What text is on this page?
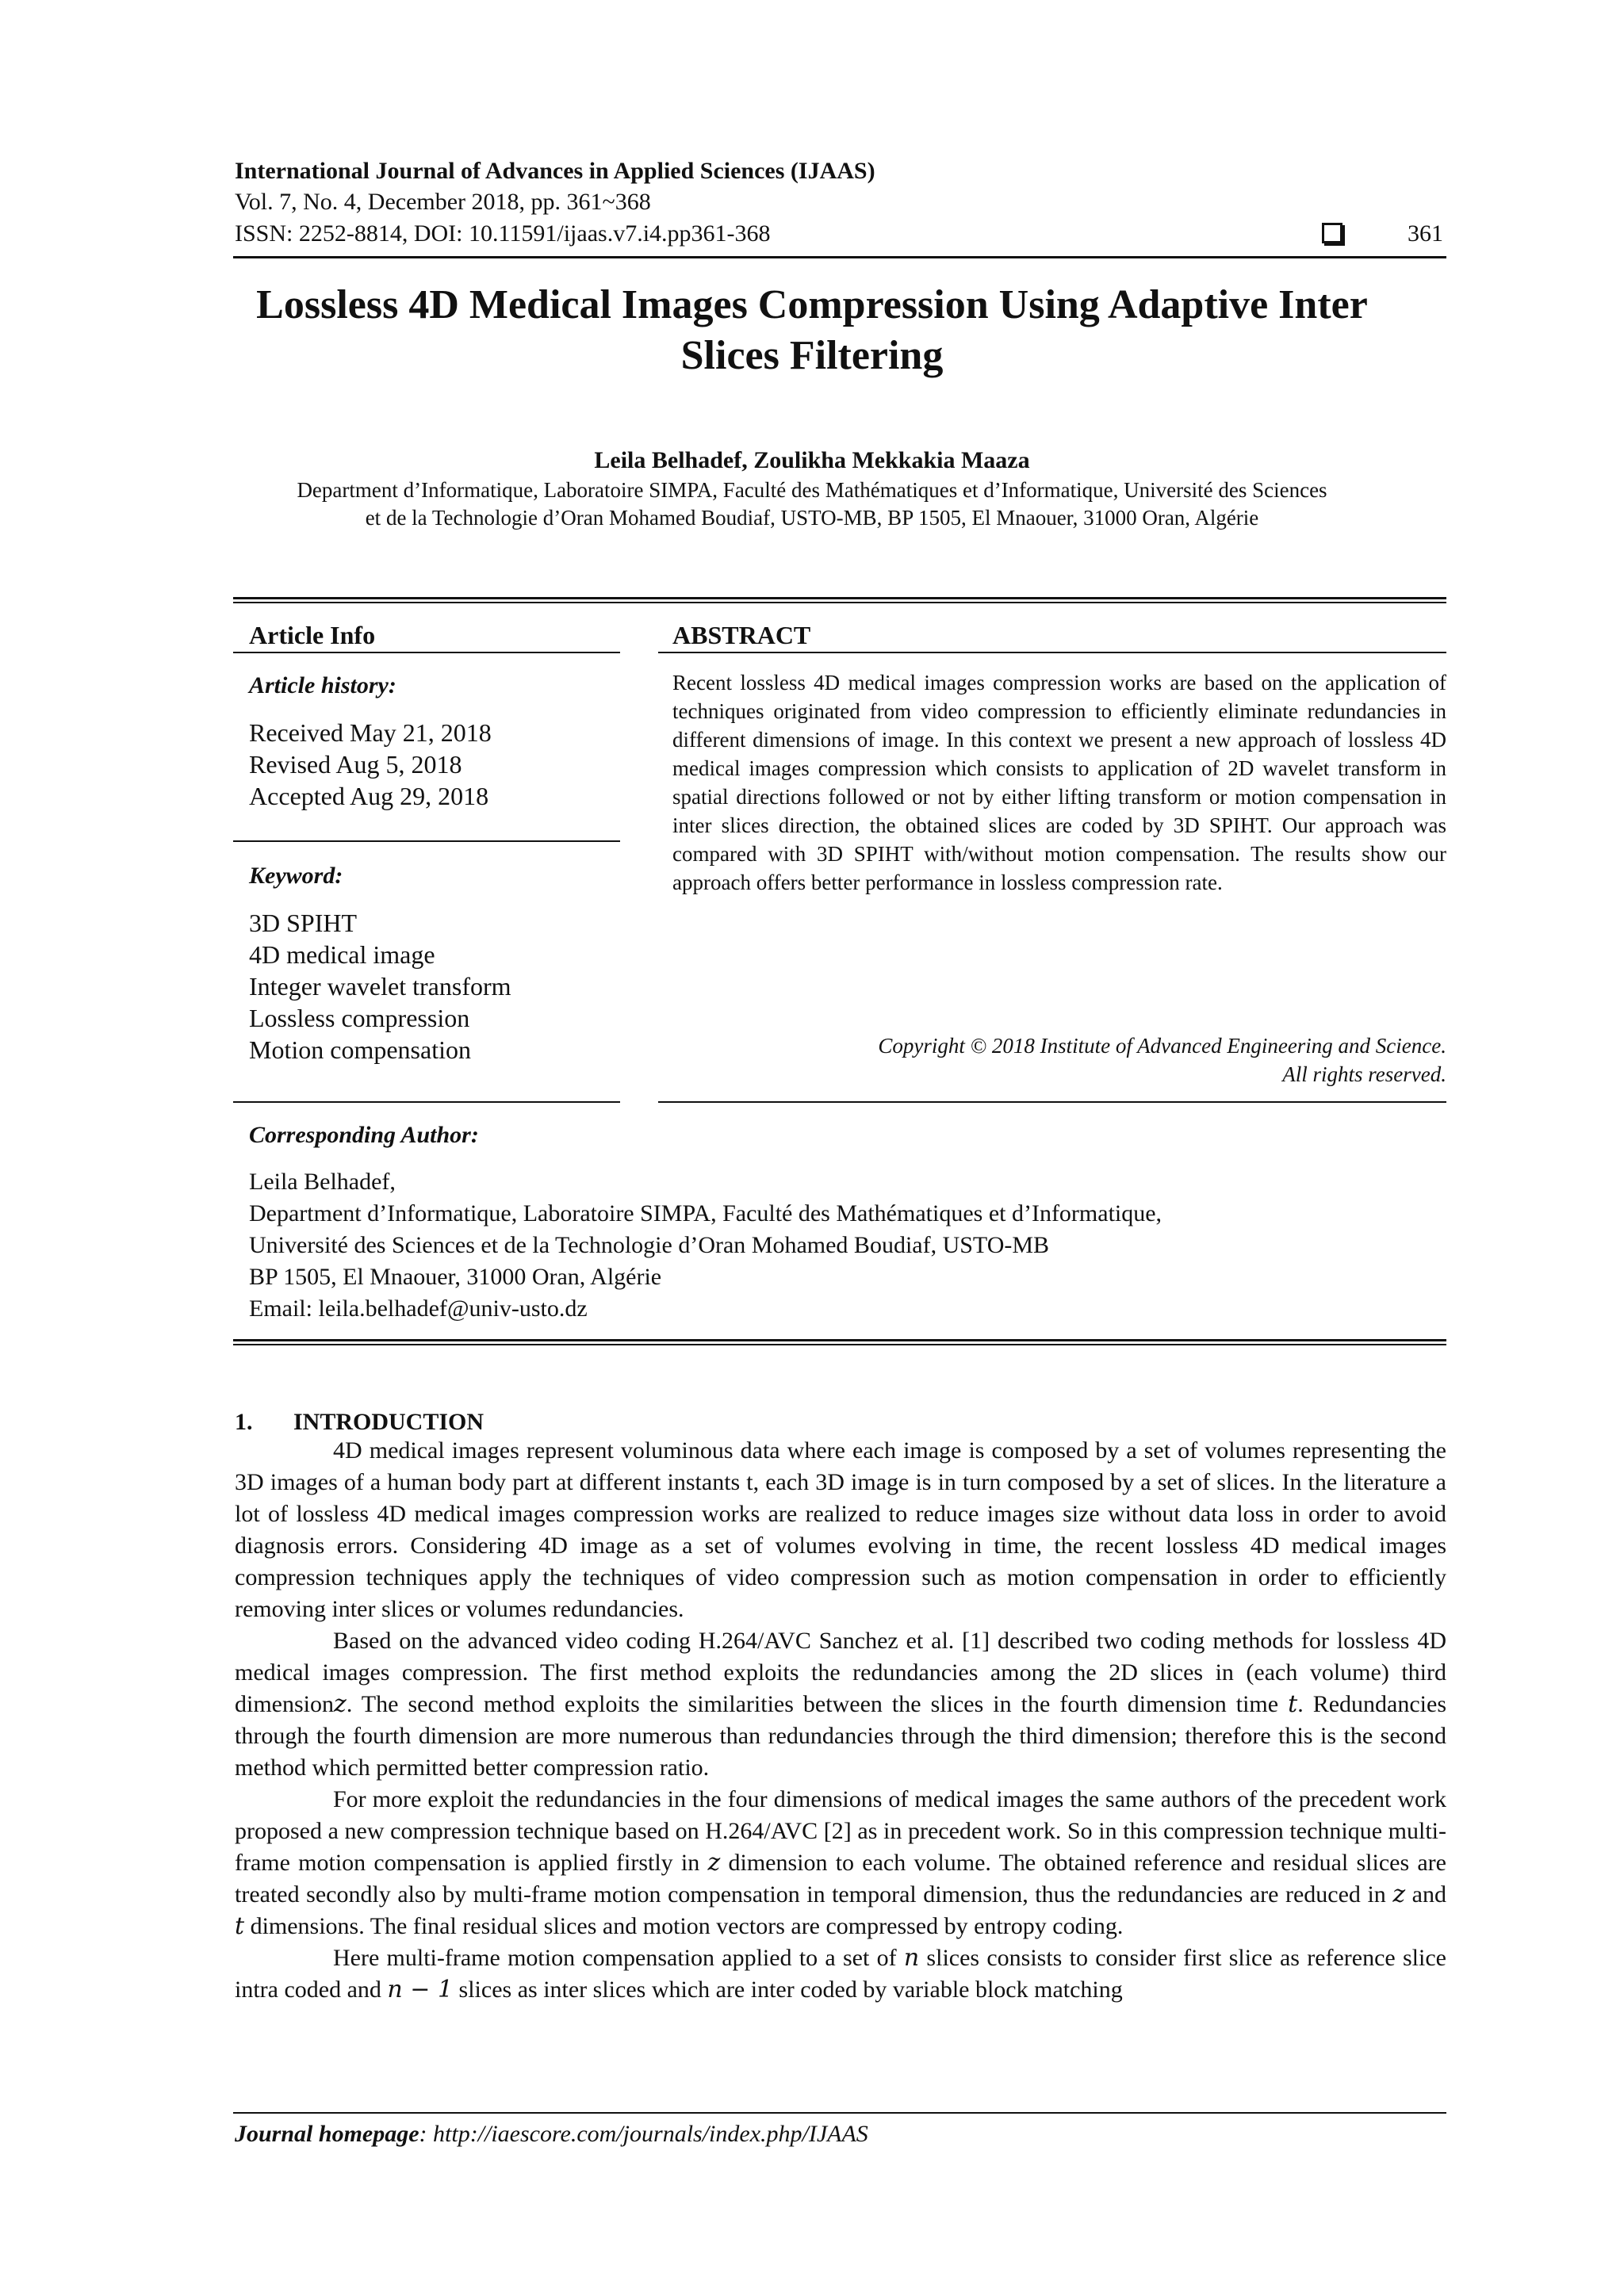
International Journal of Advances in Applied Sciences (IJAAS)
Vol. 7, No. 4, December 2018, pp. 361~368
ISSN: 2252-8814, DOI: 10.11591/ijaas.v7.i4.pp361-368	361
Lossless 4D Medical Images Compression Using Adaptive Inter
Slices Filtering
Leila Belhadef, Zoulikha Mekkakia Maaza
Department d’Informatique, Laboratoire SIMPA, Faculté des Mathématiques et d’Informatique, Université des Sciences
et de la Technologie d’Oran Mohamed Boudiaf, USTO-MB, BP 1505, El Mnaouer, 31000 Oran, Algérie
Article Info	ABSTRACT
Article history:
Received May 21, 2018
Revised Aug 5, 2018
Accepted Aug 29, 2018
Keyword:
3D SPIHT
4D medical image
Integer wavelet transform
Lossless compression
Motion compensation
Recent lossless 4D medical images compression works are based on the application of techniques originated from video compression to efficiently eliminate redundancies in different dimensions of image. In this context we present a new approach of lossless 4D medical images compression which consists to application of 2D wavelet transform in spatial directions followed or not by either lifting transform or motion compensation in inter slices direction, the obtained slices are coded by 3D SPIHT. Our approach was compared with 3D SPIHT with/without motion compensation. The results show our approach offers better performance in lossless compression rate.
Copyright © 2018 Institute of Advanced Engineering and Science.
All rights reserved.
Corresponding Author:
Leila Belhadef,
Department d’Informatique, Laboratoire SIMPA, Faculté des Mathématiques et d’Informatique,
Université des Sciences et de la Technologie d’Oran Mohamed Boudiaf, USTO-MB
BP 1505, El Mnaouer, 31000 Oran, Algérie
Email: leila.belhadef@univ-usto.dz
1. INTRODUCTION

4D medical images represent voluminous data where each image is composed by a set of volumes representing the 3D images of a human body part at different instants t, each 3D image is in turn composed by a set of slices. In the literature a lot of lossless 4D medical images compression works are realized to reduce images size without data loss in order to avoid diagnosis errors. Considering 4D image as a set of volumes evolving in time, the recent lossless 4D medical images compression techniques apply the techniques of video compression such as motion compensation in order to efficiently removing inter slices or volumes redundancies.

Based on the advanced video coding H.264/AVC Sanchez et al. [1] described two coding methods for lossless 4D medical images compression. The first method exploits the redundancies among the 2D slices in (each volume) third dimensionz. The second method exploits the similarities between the slices in the fourth dimension time t. Redundancies through the fourth dimension are more numerous than redundancies through the third dimension; therefore this is the second method which permitted better compression ratio.

For more exploit the redundancies in the four dimensions of medical images the same authors of the precedent work proposed a new compression technique based on H.264/AVC [2] as in precedent work. So in this compression technique multi-frame motion compensation is applied firstly in z dimension to each volume. The obtained reference and residual slices are treated secondly also by multi-frame motion compensation in temporal dimension, thus the redundancies are reduced in z and t dimensions. The final residual slices and motion vectors are compressed by entropy coding.

Here multi-frame motion compensation applied to a set of n slices consists to consider first slice as reference slice intra coded and n − 1 slices as inter slices which are inter coded by variable block matching

Journal homepage: http://iaescore.com/journals/index.php/IJAAS
